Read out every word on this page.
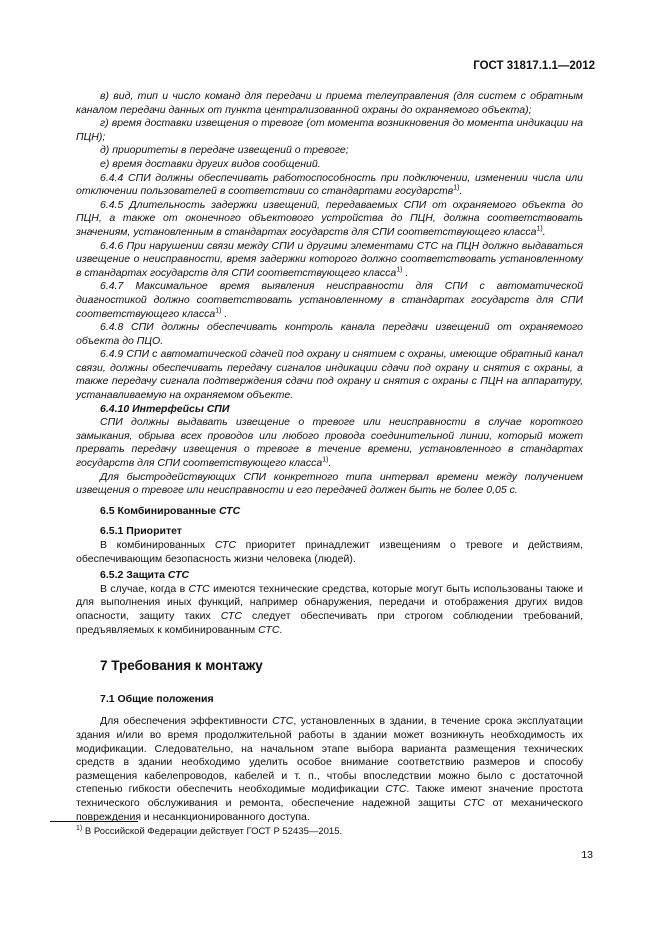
ГОСТ 31817.1.1—2012

в) вид, тип и число команд для передачи и приема телеуправления (для систем с обратным каналом передачи данных от пункта централизованной охраны до охраняемого объекта);

г) время доставки извещения о тревоге (от момента возникновения до момента индикации на ПЦН);

д) приоритеты в передаче извещений о тревоге;

е) время доставки других видов сообщений.

6.4.4 СПИ должны обеспечивать работоспособность при подключении, изменении числа или отключении пользователей в соответствии со стандартами государств$^{1)}$.

6.4.5 Длительность задержки извещений, передаваемых СПИ от охраняемого объекта до ПЦН, а также от оконечного объектового устройства до ПЦН, должна соответствовать значениям, установленным в стандартах государств для СПИ соответствующего класса$^{1)}$.

6.4.6 При нарушении связи между СПИ и другими элементами СТС на ПЦН должно выдаваться извещение о неисправности, время задержки которого должно соответствовать установленному в стандартах государств для СПИ соответствующего класса$^{1)}$ .

6.4.7 Максимальное время выявления неисправности для СПИ с автоматической диагностикой должно соответствовать установленному в стандартах государств для СПИ соответствующего класса$^{1)}$ .

6.4.8 СПИ должны обеспечивать контроль канала передачи извещений от охраняемого объекта до ПЦО.

6.4.9 СПИ с автоматической сдачей под охрану и снятием с охраны, имеющие обратный канал связи, должны обеспечивать передачу сигналов индикации сдачи под охрану и снятия с охраны, а также передачу сигнала подтверждения сдачи под охрану и снятия с охраны с ПЦН на аппаратуру, устанавливаемую на охраняемом объекте.

6.4.10 Интерфейсы СПИ

СПИ должны выдавать извещение о тревоге или неисправности в случае короткого замыкания, обрыва всех проводов или любого провода соединительной линии, который может прервать передачу извещения о тревоге в течение времени, установленного в стандартах государств для СПИ соответствующего класса$^{1)}$.

Для быстродействующих СПИ конкретного типа интервал времени между получением извещения о тревоге или неисправности и его передачей должен быть не более 0,05 с.

6.5 Комбинированные СТС

6.5.1 Приоритет

В комбинированных СТС приоритет принадлежит извещениям о тревоге и действиям, обеспечивающим безопасность жизни человека (людей).

6.5.2 Защита СТС

В случае, когда в СТС имеются технические средства, которые могут быть использованы также и для выполнения иных функций, например обнаружения, передачи и отображения других видов опасности, защиту таких СТС следует обеспечивать при строгом соблюдении требований, предъявляемых к комбинированным СТС.

7 Требования к монтажу

7.1 Общие положения

Для обеспечения эффективности СТС, установленных в здании, в течение срока эксплуатации здания и/или во время продолжительной работы в здании может возникнуть необходимость их модификации. Следовательно, на начальном этапе выбора варианта размещения технических средств в здании необходимо уделить особое внимание соответствию размеров и способу размещения кабелепроводов, кабелей и т. п., чтобы впоследствии можно было с достаточной степенью гибкости обеспечить необходимые модификации СТС. Также имеют значение простота технического обслуживания и ремонта, обеспечение надежной защиты СТС от механического повреждения и несанкционированного доступа.

$^{1)}$ В Российской Федерации действует ГОСТ Р 52435—2015.
13
